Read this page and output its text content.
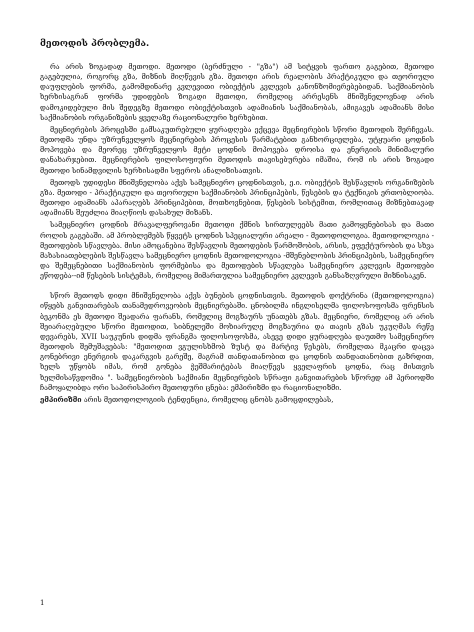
მეთოდის პრობლემა.

რა არის ზოგადად მეთოდი. მეთოდი (ბერძნული - "გზა") ამ სიტყვის ფართო გაგებით, მეთოდი გაგებულია, როგორც გზა, მიზნის მიღწევის გზა. მეთოდი არის რეალობის პრაქტიკული და თეორიული დაუფლების ფორმა, გამომდინარე კვლევითი ობიექტის კვლევის კანონზომიერებებიდან. საქმიანობის ხერხისაგრან ფორმა უდიდების ზოგადი მეთოდი, რომელიც არ‌რესენს მნიშვნელოვნად არის დამოკიდებული მის შედეგზე მეთოდი ობიექტისთვის ადამიანის საქმიანობას, ამიგავეს ადამიანს მისი საქმიანობის ორგანიზების ყველაზე რაციონალური ხერხებით.

მეცნიერების პროცესში გამსაკუთრებული ყურადღება ექცევა მეცნიერების სწორი მეთოდის შერჩევას. მეთოდმა უნდა უზრუნველყოს მეცნიერების პროცესის წარმატებით განხორციელება, უტყუარი ცოდნის მოპოვება და მეორეც უზრუნველყოს მეტი ცოდნის მოპოვება დროისა და ენერგიის მინიმალური დანახარჯებით. მეცნიერების ფილოსოფიური მეთოდის თავისებურება იმაშია, რომ ის არის ზოგადი მეთოდი სინამდვილის ხერხისადმი სფეროს ანალიზისათვის.

მეთოდს უდიდესი მნიშვნელობა აქვს სამეცნიერო ცოდნისთვის, ე.ი. ობიექტის შესწავლის ორგანიზების გზა. მეთოდი - პრაქტიკული და თეორიული საქმიანობის პრინციპების, წესების და ტექნიკის ერთობლიობა. მეთოდი ადამიანს აპარაღებს პრინციპებით, მოთხოვნებით, წესების სისტემით, რომლითაც მიზნებთავად ადამიანს შეუძლია მიაღწიოს დასახულ მიზანს.

სამეცნიერო ცოდნის მრავალფეროვანი მეთოდი ქმნის სირთულეებს მათი გამოყენებისას და მათი როლის გაგებაში. ამ პრობლემებს წყვეტს ცოდნის სპეციალური არეალი - მეთოდოლოგია. მეთოდოლოგია - მეთოდების სწავლება. მისი ამოცანებია შესწავლის მეთოდების წარმოშობის, არსის, ეფექტურობის და სხვა მახასიათებლების შესწავლა სამეცნიერო ცოდნის მეთოდოლოგია -მშენებლობის პრინციპების, სამეცნიერო და შემეცნებითი საქმიანობის ფორმებისა და მეთოდების სწავლება სამეცნიერო კვლევის მეთოდები ეწოდება--იმ წესების სისტემას, რომელიც მიმართულია სამეცნიერო კვლევის განსაზღვრული მიზნისაკენ.

სწორ მეთოდს დიდი მნიშვნელობა აქვს ბუნების ცოდნისთვის. მეთოდის დოქტრინა (მეთოდოლოგია) იწყებს განვითარებას თანამედროვეობის მეცნიერებაში. ცნობილმა ინგლისელმა ფილოსოფოსმა ფრენსის ბეკონმა ეს მეთოდი შეადარა ფარანს, რომელიც მოგზაურს უნათებს გზას. მეცნიერი, რომელიც არ არის შეიარაღებული სწორი მეთოდით, სიბნელეში მოხიარულე მოგზაურია და თავის გზას უკუღმას რეწე დევარებს, XVII საუკუნის დიდმა ფრანგმა ფილოსოფოსმა, ასევე დიდი ყურადღება დაუთმო სამეცნიერო მეთოდის შემუშავებას: "მეთოდით ვგულისხმობ ზუსტ და მარტივ წესებს, რომელთა მკაცრი დაცვა გონებრივი ენერგიის დაკარგვის გარეშე, მაგრამ თანდათანობით და ცოდნის თანდათანობით გაზრდით, ხელს უწყობს იმას, რომ გონება ჭეშმარიტებას მიაღწევს ყველაფრის ცოდნა, რაც მისთვის ხელმისაწვდომია ". სამეცნიერობის საქმიანი მეცნიერების სწრაფი განვითარების სწორედ ამ პერიოდში ჩამოყალიბდა ორი საპირისპირო მეთოდური ცნება: ემპირიზმი და რაციონალიზმი.

ემპირიზმი არის მეთოდოლოგიის ტენდენცია, რომელიც ცნობს გამოცდილებას,

1
